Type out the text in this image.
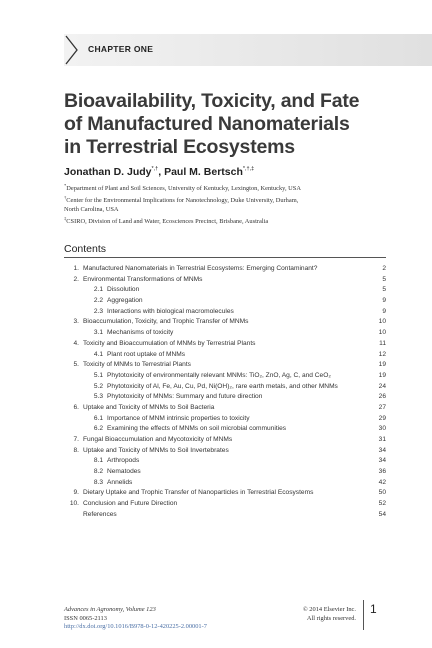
CHAPTER ONE
Bioavailability, Toxicity, and Fate
of Manufactured Nanomaterials
in Terrestrial Ecosystems
Jonathan D. Judy*,†, Paul M. Bertsch*,†,‡

*Department of Plant and Soil Sciences, University of Kentucky, Lexington, Kentucky, USA

†Center for the Environmental Implications for Nanotechnology, Duke University, Durham,
North Carolina, USA

‡CSIRO, Division of Land and Water, Ecosciences Precinct, Brisbane, Australia

Contents
1. Manufactured Nanomaterials in Terrestrial Ecosystems: Emerging Contaminant?	2
2. Environmental Transformations of MNMs	5
2.1 Dissolution	5
2.2 Aggregation	9
2.3 Interactions with biological macromolecules	9
3. Bioaccumulation, Toxicity, and Trophic Transfer of MNMs	10
3.1 Mechanisms of toxicity	10
4. Toxicity and Bioaccumulation of MNMs by Terrestrial Plants	11
4.1 Plant root uptake of MNMs	12
5. Toxicity of MNMs to Terrestrial Plants	19
5.1 Phytotoxicity of environmentally relevant MNMs: TiO₂, ZnO, Ag, C, and CeO₂	19
5.2 Phytotoxicity of Al, Fe, Au, Cu, Pd, Ni(OH)₂, rare earth metals, and other MNMs	24
5.3 Phytotoxicity of MNMs: Summary and future direction	26
6. Uptake and Toxicity of MNMs to Soil Bacteria	27
6.1 Importance of MNM intrinsic properties to toxicity	29
6.2 Examining the effects of MNMs on soil microbial communities	30
7. Fungal Bioaccumulation and Mycotoxicity of MNMs	31
8. Uptake and Toxicity of MNMs to Soil Invertebrates	34
8.1 Arthropods	34
8.2 Nematodes	36
8.3 Annelids	42
9. Dietary Uptake and Trophic Transfer of Nanoparticles in Terrestrial Ecosystems	50
10. Conclusion and Future Direction	52
References	54
Advances in Agronomy, Volume 123
ISSN 0065-2113
http://dx.doi.org/10.1016/B978-0-12-420225-2.00001-7
© 2014 Elsevier Inc.
All rights reserved.
1
